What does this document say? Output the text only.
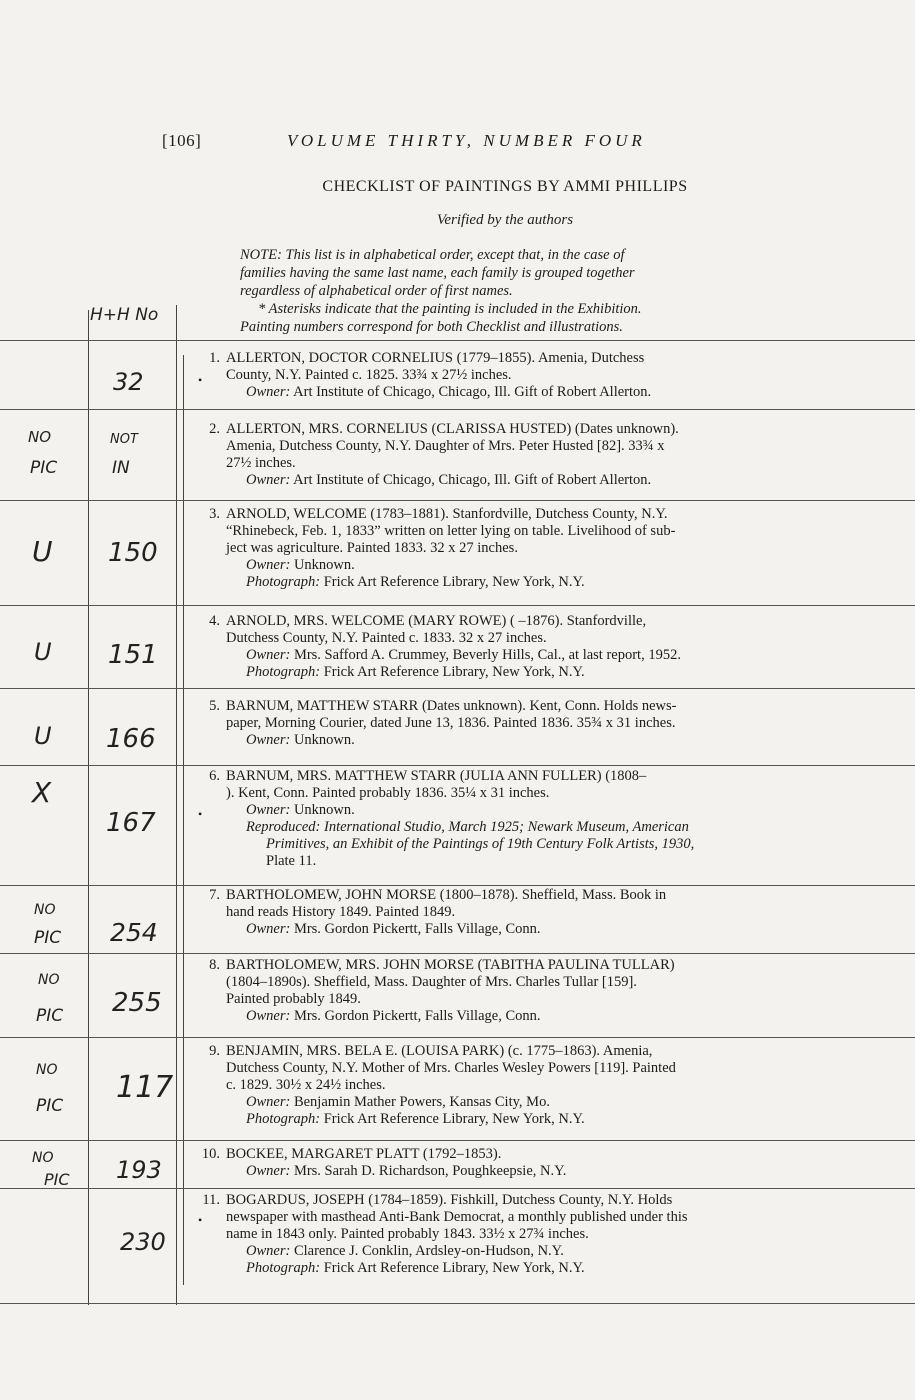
[106]	VOLUME THIRTY, NUMBER FOUR
CHECKLIST OF PAINTINGS BY AMMI PHILLIPS
Verified by the authors

NOTE: This list is in alphabetical order, except that, in the case of

families having the same last name, each family is grouped together

regardless of alphabetical order of first names.

* Asterisks indicate that the painting is included in the Exhibition.

Painting numbers correspond for both Checklist and illustrations.

H+H No
32
1.
•
ALLERTON, DOCTOR CORNELIUS (1779–1855). Amenia, Dutchess
County, N.Y. Painted c. 1825. 33¾ x 27½ inches.
Owner: Art Institute of Chicago, Chicago, Ill. Gift of Robert Allerton.
NO
PIC
NOT
IN
2. ALLERTON, MRS. CORNELIUS (CLARISSA HUSTED) (Dates unknown).
Amenia, Dutchess County, N.Y. Daughter of Mrs. Peter Husted [82]. 33¾ x
27½ inches.
Owner: Art Institute of Chicago, Chicago, Ill. Gift of Robert Allerton.
U 150
3. ARNOLD, WELCOME (1783–1881). Stanfordville, Dutchess County, N.Y.
“Rhinebeck, Feb. 1, 1833” written on letter lying on table. Livelihood of sub-
ject was agriculture. Painted 1833. 32 x 27 inches.
Owner: Unknown.
Photograph: Frick Art Reference Library, New York, N.Y.
U 151
4. ARNOLD, MRS. WELCOME (MARY ROWE) ( –1876). Stanfordville,
Dutchess County, N.Y. Painted c. 1833. 32 x 27 inches.
Owner: Mrs. Safford A. Crummey, Beverly Hills, Cal., at last report, 1952.
Photograph: Frick Art Reference Library, New York, N.Y.
U 166
5. BARNUM, MATTHEW STARR (Dates unknown). Kent, Conn. Holds news-
paper, Morning Courier, dated June 13, 1836. Painted 1836. 35¾ x 31 inches.
Owner: Unknown.
X
167
6.
•
BARNUM, MRS. MATTHEW STARR (JULIA ANN FULLER) (1808–
). Kent, Conn. Painted probably 1836. 35¼ x 31 inches.
Owner: Unknown.
Reproduced: International Studio, March 1925; Newark Museum, American
Primitives, an Exhibit of the Paintings of 19th Century Folk Artists, 1930,
Plate 11.
NO
PIC 254
7. BARTHOLOMEW, JOHN MORSE (1800–1878). Sheffield, Mass. Book in
hand reads History 1849. Painted 1849.
Owner: Mrs. Gordon Pickertt, Falls Village, Conn.
NO
PIC 255
8. BARTHOLOMEW, MRS. JOHN MORSE (TABITHA PAULINA TULLAR)
(1804–1890s). Sheffield, Mass. Daughter of Mrs. Charles Tullar [159].
Painted probably 1849.
Owner: Mrs. Gordon Pickertt, Falls Village, Conn.
NO
PIC
117
9. BENJAMIN, MRS. BELA E. (LOUISA PARK) (c. 1775–1863). Amenia,
Dutchess County, N.Y. Mother of Mrs. Charles Wesley Powers [119]. Painted
c. 1829. 30½ x 24½ inches.
Owner: Benjamin Mather Powers, Kansas City, Mo.
Photograph: Frick Art Reference Library, New York, N.Y.
NO
PIC 193
10. BOCKEE, MARGARET PLATT (1792–1853).
Owner: Mrs. Sarah D. Richardson, Poughkeepsie, N.Y.
230
11.
•
BOGARDUS, JOSEPH (1784–1859). Fishkill, Dutchess County, N.Y. Holds
newspaper with masthead Anti-Bank Democrat, a monthly published under this
name in 1843 only. Painted probably 1843. 33½ x 27¾ inches.
Owner: Clarence J. Conklin, Ardsley-on-Hudson, N.Y.
Photograph: Frick Art Reference Library, New York, N.Y.
